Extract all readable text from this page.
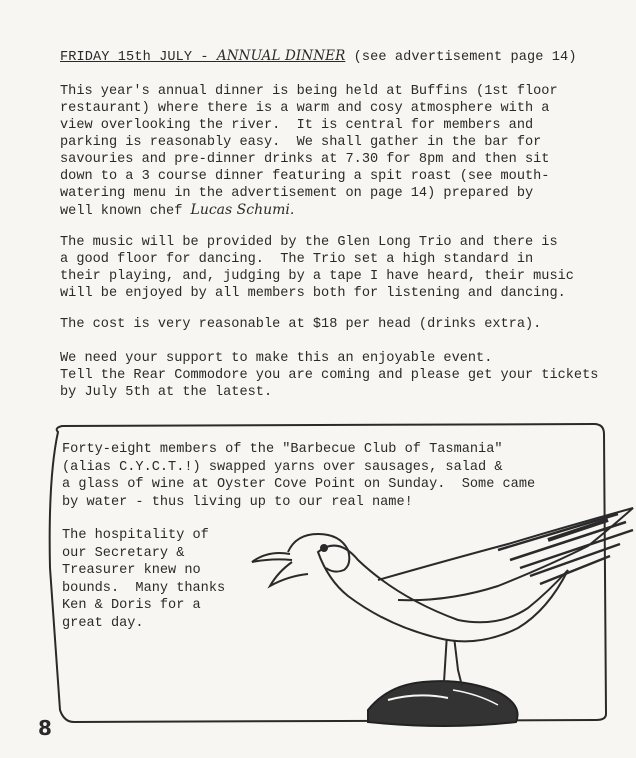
FRIDAY 15th JULY - ANNUAL DINNER (see advertisement page 14)

This year's annual dinner is being held at Buffins (1st floor
restaurant) where there is a warm and cosy atmosphere with a
view overlooking the river.  It is central for members and
parking is reasonably easy.  We shall gather in the bar for
savouries and pre-dinner drinks at 7.30 for 8pm and then sit
down to a 3 course dinner featuring a spit roast (see mouth-
watering menu in the advertisement on page 14) prepared by
well known chef Lucas Schumi.

The music will be provided by the Glen Long Trio and there is
a good floor for dancing.  The Trio set a high standard in
their playing, and, judging by a tape I have heard, their music
will be enjoyed by all members both for listening and dancing.

The cost is very reasonable at $18 per head (drinks extra).

We need your support to make this an enjoyable event.
Tell the Rear Commodore you are coming and please get your tickets
by July 5th at the latest.

Forty-eight members of the "Barbecue Club of Tasmania"
(alias C.Y.C.T.!) swapped yarns over sausages, salad &
a glass of wine at Oyster Cove Point on Sunday.  Some came
by water - thus living up to our real name!

The hospitality of
our Secretary &
Treasurer knew no
bounds.  Many thanks
Ken & Doris for a
great day.

8
